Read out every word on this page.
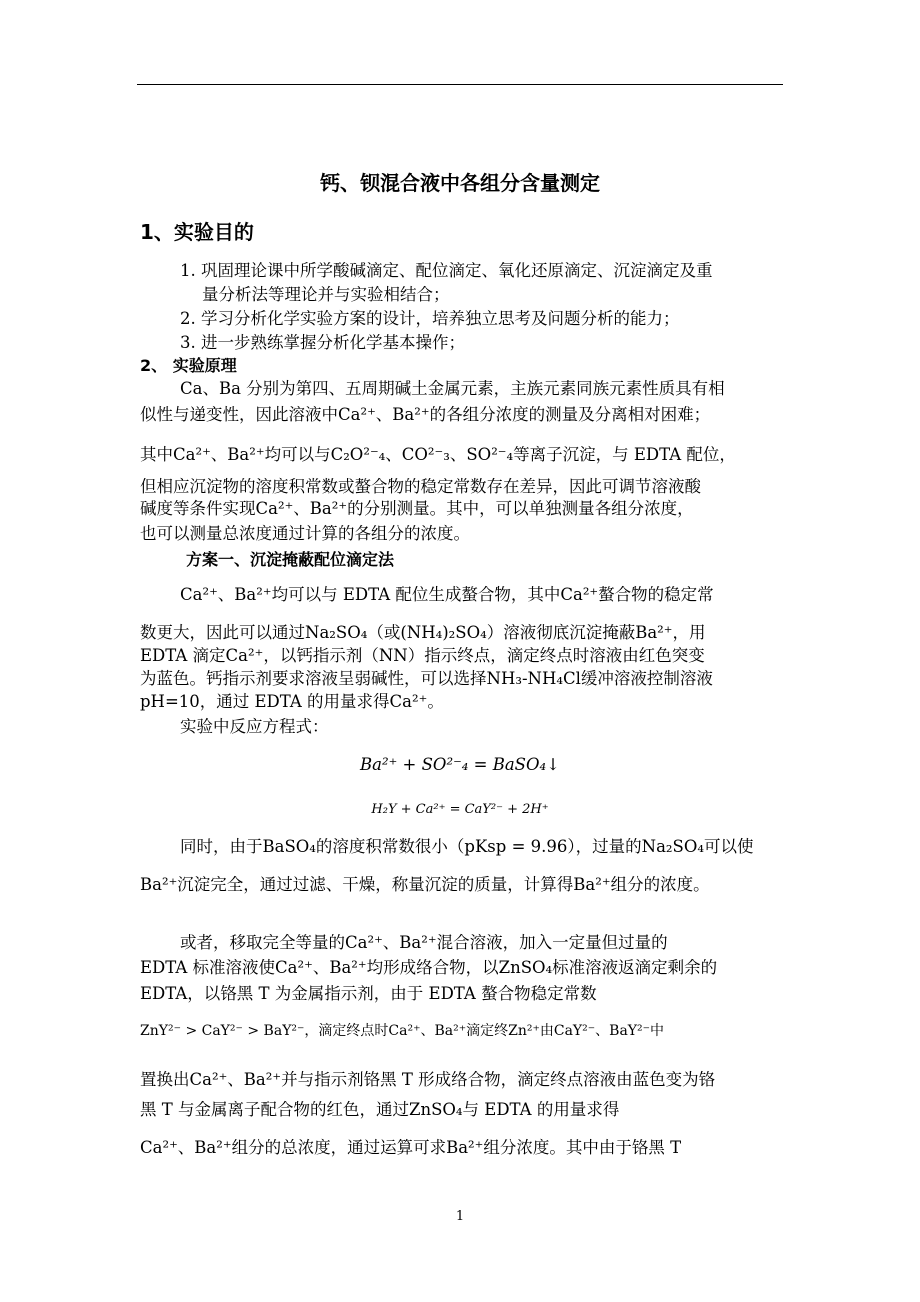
钙、钡混合液中各组分含量测定
1、实验目的
1. 巩固理论课中所学酸碱滴定、配位滴定、氧化还原滴定、沉淀滴定及重
量分析法等理论并与实验相结合；
2. 学习分析化学实验方案的设计，培养独立思考及问题分析的能力；
3. 进一步熟练掌握分析化学基本操作；
2、 实验原理
Ca、Ba 分别为第四、五周期碱土金属元素，主族元素同族元素性质具有相
似性与递变性，因此溶液中Ca²⁺、Ba²⁺的各组分浓度的测量及分离相对困难；
其中Ca²⁺、Ba²⁺均可以与C₂O²⁻₄、CO²⁻₃、SO²⁻₄等离子沉淀，与 EDTA 配位，
但相应沉淀物的溶度积常数或螯合物的稳定常数存在差异，因此可调节溶液酸
碱度等条件实现Ca²⁺、Ba²⁺的分别测量。其中，可以单独测量各组分浓度，
也可以测量总浓度通过计算的各组分的浓度。
方案一、沉淀掩蔽配位滴定法
Ca²⁺、Ba²⁺均可以与 EDTA 配位生成螯合物，其中Ca²⁺螯合物的稳定常
数更大，因此可以通过Na₂SO₄（或(NH₄)₂SO₄）溶液彻底沉淀掩蔽Ba²⁺，用
EDTA 滴定Ca²⁺，以钙指示剂（NN）指示终点，滴定终点时溶液由红色突变
为蓝色。钙指示剂要求溶液呈弱碱性，可以选择NH₃-NH₄Cl缓冲溶液控制溶液
pH=10，通过 EDTA 的用量求得Ca²⁺。
实验中反应方程式：
Ba²⁺ + SO²⁻₄ = BaSO₄↓
H₂Y + Ca²⁺ = CaY²⁻ + 2H⁺
同时，由于BaSO₄的溶度积常数很小（pKsp = 9.96），过量的Na₂SO₄可以使
Ba²⁺沉淀完全，通过过滤、干燥，称量沉淀的质量，计算得Ba²⁺组分的浓度。
或者，移取完全等量的Ca²⁺、Ba²⁺混合溶液，加入一定量但过量的
EDTA 标准溶液使Ca²⁺、Ba²⁺均形成络合物，以ZnSO₄标准溶液返滴定剩余的
EDTA，以铬黑 T 为金属指示剂，由于 EDTA 螯合物稳定常数
ZnY²⁻ > CaY²⁻ > BaY²⁻，滴定终点时Ca²⁺、Ba²⁺滴定终Zn²⁺由CaY²⁻、BaY²⁻中
置换出Ca²⁺、Ba²⁺并与指示剂铬黑 T 形成络合物，滴定终点溶液由蓝色变为铬
黑 T 与金属离子配合物的红色，通过ZnSO₄与 EDTA 的用量求得
Ca²⁺、Ba²⁺组分的总浓度，通过运算可求Ba²⁺组分浓度。其中由于铬黑 T
1
